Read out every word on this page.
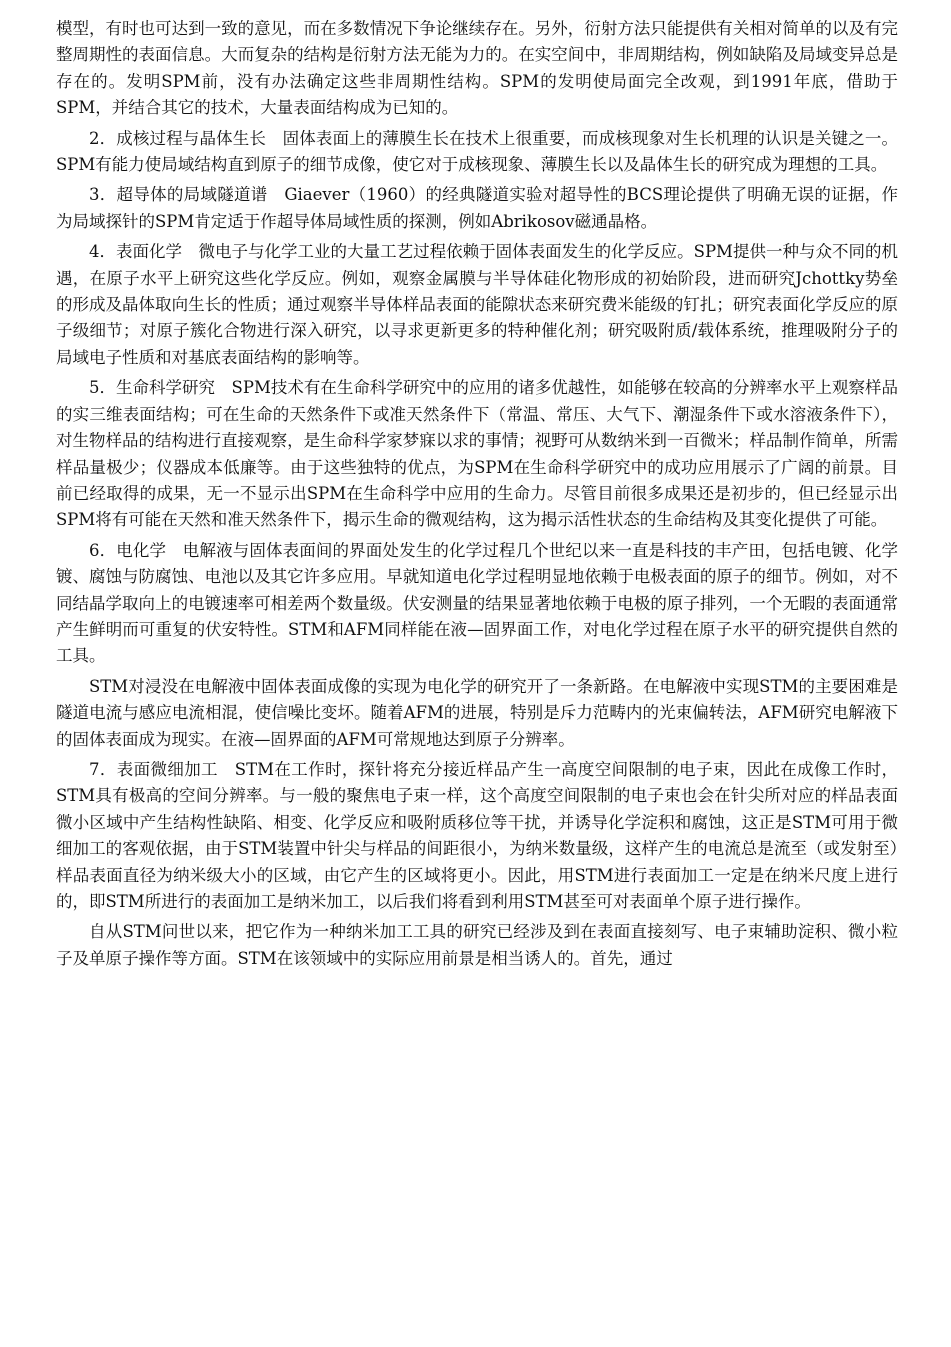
模型，有时也可达到一致的意见，而在多数情况下争论继续存在。另外，衍射方法只能提供有关相对简单的以及有完整周期性的表面信息。大而复杂的结构是衍射方法无能为力的。在实空间中，非周期结构，例如缺陷及局域变异总是存在的。发明SPM前，没有办法确定这些非周期性结构。SPM的发明使局面完全改观，到1991年底，借助于SPM，并结合其它的技术，大量表面结构成为已知的。

2．成核过程与晶体生长　固体表面上的薄膜生长在技术上很重要，而成核现象对生长机理的认识是关键之一。SPM有能力使局域结构直到原子的细节成像，使它对于成核现象、薄膜生长以及晶体生长的研究成为理想的工具。

3．超导体的局域隧道谱　Giaever（1960）的经典隧道实验对超导性的BCS理论提供了明确无误的证据，作为局域探针的SPM肯定适于作超导体局域性质的探测，例如Abrikosov磁通晶格。

4．表面化学　微电子与化学工业的大量工艺过程依赖于固体表面发生的化学反应。SPM提供一种与众不同的机遇，在原子水平上研究这些化学反应。例如，观察金属膜与半导体硅化物形成的初始阶段，进而研究Jchottky势垒的形成及晶体取向生长的性质；通过观察半导体样品表面的能隙状态来研究费米能级的钉扎；研究表面化学反应的原子级细节；对原子簇化合物进行深入研究，以寻求更新更多的特种催化剂；研究吸附质/载体系统，推理吸附分子的局域电子性质和对基底表面结构的影响等。

5．生命科学研究　SPM技术有在生命科学研究中的应用的诸多优越性，如能够在较高的分辨率水平上观察样品的实三维表面结构；可在生命的天然条件下或准天然条件下（常温、常压、大气下、潮湿条件下或水溶液条件下），对生物样品的结构进行直接观察，是生命科学家梦寐以求的事情；视野可从数纳米到一百微米；样品制作简单，所需样品量极少；仪器成本低廉等。由于这些独特的优点，为SPM在生命科学研究中的成功应用展示了广阔的前景。目前已经取得的成果，无一不显示出SPM在生命科学中应用的生命力。尽管目前很多成果还是初步的，但已经显示出SPM将有可能在天然和准天然条件下，揭示生命的微观结构，这为揭示活性状态的生命结构及其变化提供了可能。

6．电化学　电解液与固体表面间的界面处发生的化学过程几个世纪以来一直是科技的丰产田，包括电镀、化学镀、腐蚀与防腐蚀、电池以及其它许多应用。早就知道电化学过程明显地依赖于电极表面的原子的细节。例如，对不同结晶学取向上的电镀速率可相差两个数量级。伏安测量的结果显著地依赖于电极的原子排列，一个无暇的表面通常产生鲜明而可重复的伏安特性。STM和AFM同样能在液—固界面工作，对电化学过程在原子水平的研究提供自然的工具。

STM对浸没在电解液中固体表面成像的实现为电化学的研究开了一条新路。在电解液中实现STM的主要困难是隧道电流与感应电流相混，使信噪比变坏。随着AFM的进展，特别是斥力范畴内的光束偏转法，AFM研究电解液下的固体表面成为现实。在液—固界面的AFM可常规地达到原子分辨率。

7．表面微细加工　STM在工作时，探针将充分接近样品产生一高度空间限制的电子束，因此在成像工作时，STM具有极高的空间分辨率。与一般的聚焦电子束一样，这个高度空间限制的电子束也会在针尖所对应的样品表面微小区域中产生结构性缺陷、相变、化学反应和吸附质移位等干扰，并诱导化学淀积和腐蚀，这正是STM可用于微细加工的客观依据，由于STM装置中针尖与样品的间距很小，为纳米数量级，这样产生的电流总是流至（或发射至）样品表面直径为纳米级大小的区域，由它产生的区域将更小。因此，用STM进行表面加工一定是在纳米尺度上进行的，即STM所进行的表面加工是纳米加工，以后我们将看到利用STM甚至可对表面单个原子进行操作。

自从STM问世以来，把它作为一种纳米加工工具的研究已经涉及到在表面直接刻写、电子束辅助淀积、微小粒子及单原子操作等方面。STM在该领域中的实际应用前景是相当诱人的。首先，通过
